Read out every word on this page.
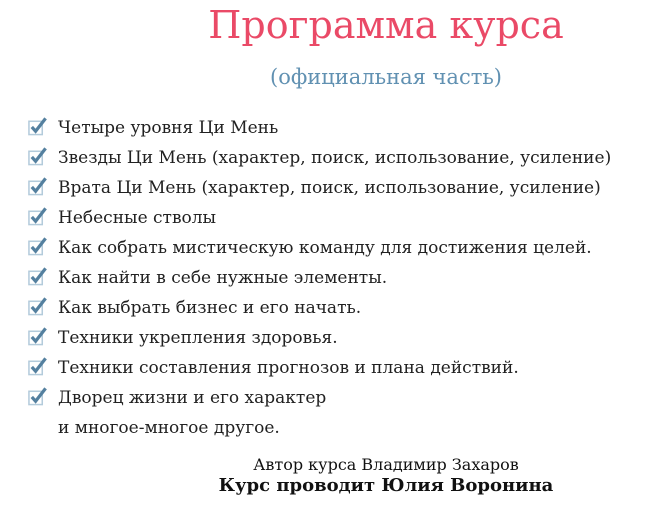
Программа курса
(официальная часть)
Четыре уровня Ци Мень
Звезды Ци Мень (характер, поиск, использование, усиление)
Врата Ци Мень (характер, поиск, использование, усиление)
Небесные стволы
Как собрать мистическую команду для достижения целей.
Как найти в себе нужные элементы.
Как выбрать бизнес и его начать.
Техники укрепления здоровья.
Техники составления прогнозов и плана действий.
Дворец жизни и его характер
и многое-многое другое.
Автор курса Владимир Захаров
Курс проводит Юлия Воронина
